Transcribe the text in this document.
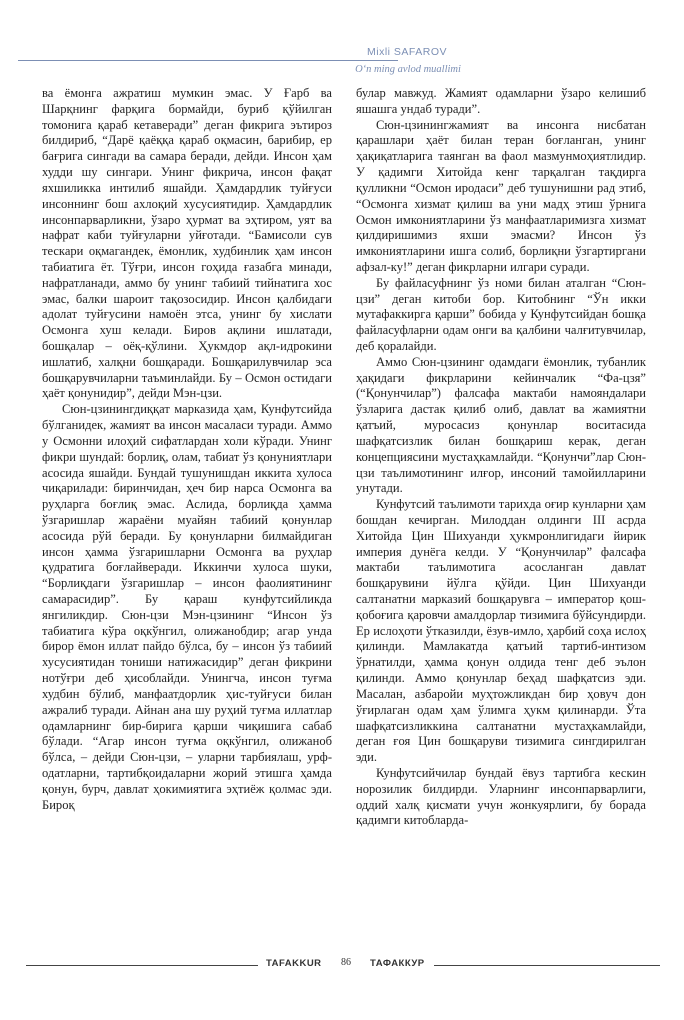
Mixli SAFAROV
O‘n ming avlod muallimi

ва ёмонга ажратиш мумкин эмас. У Ғарб ва Шарқнинг фарқига бормайди, буриб қўйилган томонига қараб кетаверади” деган фикрига эътироз билдириб, “Дарё қаёққа қараб оқмасин, барибир, ер бағрига сингади ва самара беради, дейди. Инсон ҳам худди шу сингари. Унинг фикрича, инсон фақат яхшиликка интилиб яшайди. Ҳамдардлик туйғуси инсоннинг бош ахлоқий хусусиятидир. Ҳамдардлик инсонпарварликни, ўзаро ҳурмат ва эҳтиром, уят ва нафрат каби туйғуларни уйғотади. “Бамисоли сув тескари оқмагандек, ёмонлик, худбинлик ҳам инсон табиатига ёт. Тўғри, инсон гоҳида ғазабга минади, нафратланади, аммо бу унинг табиий тийнатига хос эмас, балки шароит тақозосидир. Инсон қалбидаги адолат туйғусини намоён этса, унинг бу хислати Осмонга хуш келади. Биров ақлини ишлатади, бошқалар – оёқ-қўлини. Ҳукмдор ақл-идрокини ишлатиб, халқни бошқаради. Бошқарилувчилар эса бошқарувчиларни таъминлайди. Бу – Осмон остидаги ҳаёт қонунидир”, дейди Мэн-цзи.

Сюн-цзинингдиққат марказида ҳам, Кунфутсийда бўлганидек, жамият ва инсон масаласи туради. Аммо у Осмонни илоҳий сифатлардан холи кўради. Унинг фикри шундай: борлиқ, олам, табиат ўз қонуниятлари асосида яшайди. Бундай тушунишдан иккита хулоса чиқарилади: биринчидан, ҳеч бир нарса Осмонга ва руҳларга боғлиқ эмас. Аслида, борлиқда ҳамма ўзгаришлар жараёни муайян табиий қонунлар асосида рўй беради. Бу қонунларни билмайдиган инсон ҳамма ўзгаришларни Осмонга ва руҳлар қудратига боғлайверади. Иккинчи хулоса шуки, “Борлиқдаги ўзгаришлар – инсон фаолиятининг самарасидир”. Бу қараш кунфутсийликда янгиликдир. Сюн-цзи Мэн-цзининг “Инсон ўз табиатига кўра оқкўнгил, олижанобдир; агар унда бирор ёмон иллат пайдо бўлса, бу – инсон ўз табиий хусусиятидан тониши натижасидир” деган фикрини нотўғри деб ҳисоблайди. Унингча, инсон туғма худбин бўлиб, манфаатдорлик ҳис-туйғуси билан ажралиб туради. Айнан ана шу руҳий туғма иллатлар одамларнинг бир-бирига қарши чиқишига сабаб бўлади. “Агар инсон туғма оқкўнгил, олижаноб бўлса, – дейди Сюн-цзи, – уларни тарбиялаш, урф-одатларни, тартибқоидаларни жорий этишга ҳамда қонун, бурч, давлат ҳокимиятига эҳтиёж қолмас эди. Бироқ

булар мавжуд. Жамият одамларни ўзаро келишиб яшашга ундаб туради”.

Сюн-цзинингжамият ва инсонга нисбатан қарашлари ҳаёт билан теран боғланган, унинг ҳақиқатларига таянган ва фаол мазмунмоҳиятлидир. У қадимги Хитойда кенг тарқалган тақдирга қулликни “Осмон иродаси” деб тушунишни рад этиб, “Осмонга хизмат қилиш ва уни мадҳ этиш ўрнига Осмон имкониятларини ўз манфаатларимизга хизмат қилдиришимиз яхши эмасми? Инсон ўз имкониятларини ишга солиб, борлиқни ўзгартиргани афзал-ку!” деган фикрларни илгари суради.

Бу файласуфнинг ўз номи билан аталган “Сюн-цзи” деган китоби бор. Китобнинг “Ўн икки мутафаккирга қарши” бобида у Кунфутсийдан бошқа файласуфларни одам онги ва қалбини чалғитувчилар, деб қоралайди.

Аммо Сюн-цзининг одамдаги ёмонлик, тубанлик ҳақидаги фикрларини кейинчалик “Фа-цзя” (“Қонунчилар”) фалсафа мактаби намояндалари ўзларига дастак қилиб олиб, давлат ва жамиятни қатъий, муросасиз қонунлар воситасида шафқатсизлик билан бошқариш керак, деган концепциясини мустаҳкамлайди. “Қонунчи”лар Сюн-цзи таълимотининг илғор, инсоний тамойилларини унутади.

Кунфутсий таълимоти тарихда оғир кунларни ҳам бошдан кечирган. Милоддан олдинги III асрда Хитойда Цин Шихуанди ҳукмронлигидаги йирик империя дунёга келди. У “Қонунчилар” фалсафа мактаби таълимотига асосланган давлат бошқарувини йўлга қўйди. Цин Шихуанди салтанатни марказий бошқарувга – император қош-қобоғига қаровчи амалдорлар тизимига бўйсундирди. Ер ислоҳоти ўтказилди, ёзув-имло, ҳарбий соҳа ислоҳ қилинди. Мамлакатда қатъий тартиб-интизом ўрнатилди, ҳамма қонун олдида тенг деб эълон қилинди. Аммо қонунлар беҳад шафқатсиз эди. Масалан, азбаройи муҳтожликдан бир ҳовуч дон ўғирлаган одам ҳам ўлимга ҳукм қилинарди. Ўта шафқатсизликкина салтанатни мустаҳкамлайди, деган ғоя Цин бошқаруви тизимига сингдирилган эди.

Кунфутсийчилар бундай ёвуз тартибга кескин норозилик билдирди. Уларнинг инсонпарварлиги, оддий халқ қисмати учун жонкуярлиги, бу борада қадимги китобларда-

TAFAKKUR 86 ТАФАККУР
